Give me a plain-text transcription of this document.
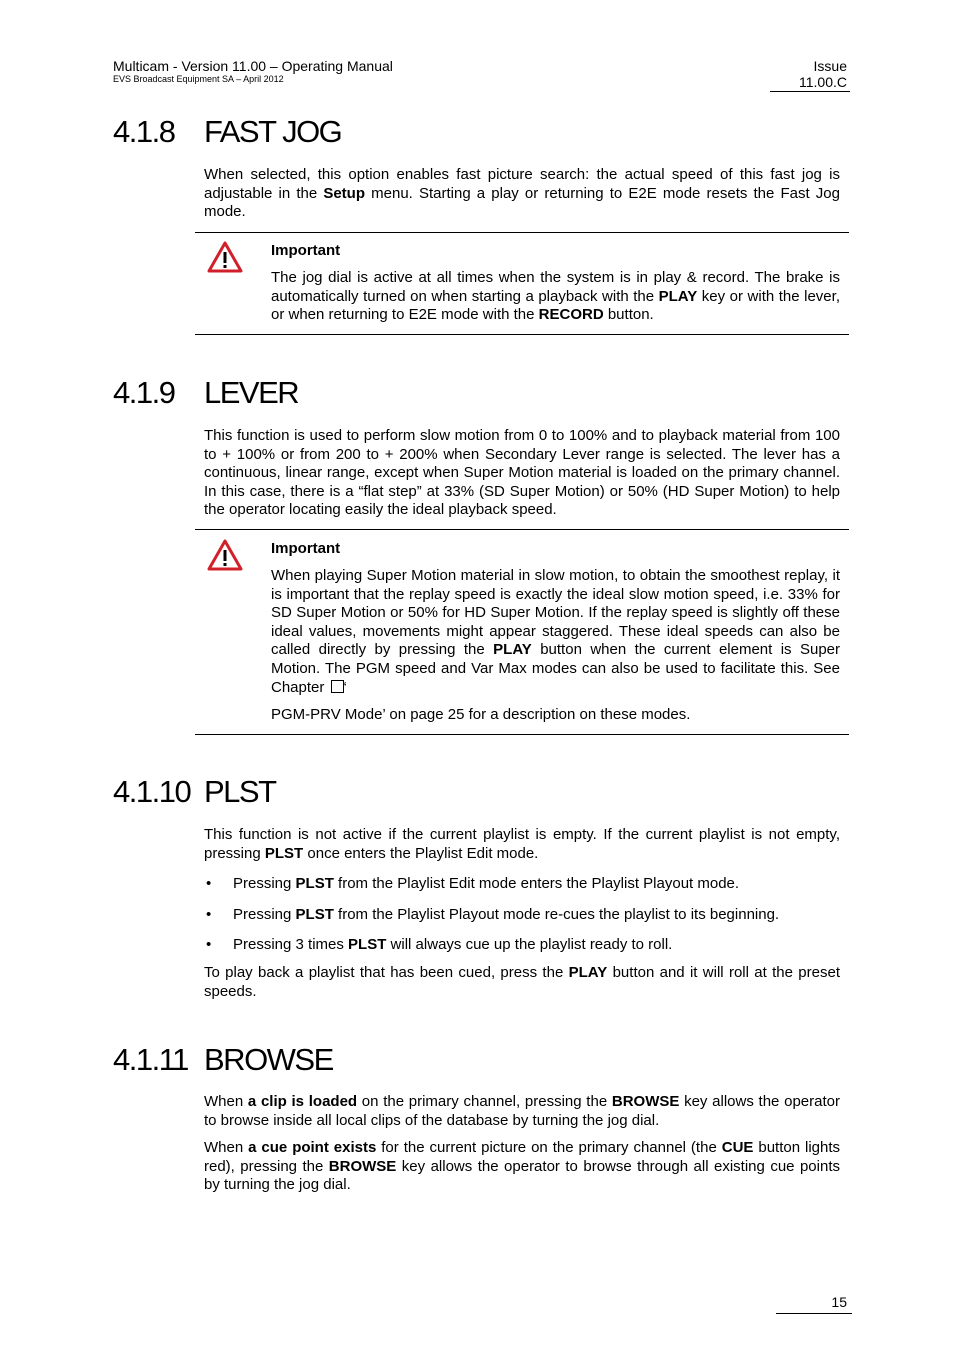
Multicam - Version 11.00 – Operating Manual
EVS Broadcast Equipment SA – April 2012
Issue
11.00.C
4.1.8 FAST JOG
When selected, this option enables fast picture search: the actual speed of this fast jog is adjustable in the Setup menu. Starting a play or returning to E2E mode resets the Fast Jog mode.
Important
The jog dial is active at all times when the system is in play & record. The brake is automatically turned on when starting a playback with the PLAY key or with the lever, or when returning to E2E mode with the RECORD button.
4.1.9 LEVER
This function is used to perform slow motion from 0 to 100% and to playback material from 100 to + 100% or from 200 to + 200% when Secondary Lever range is selected. The lever has a continuous, linear range, except when Super Motion material is loaded on the primary channel. In this case, there is a “flat step” at 33% (SD Super Motion) or 50% (HD Super Motion) to help the operator locating easily the ideal playback speed.
Important
When playing Super Motion material in slow motion, to obtain the smoothest replay, it is important that the replay speed is exactly the ideal slow motion speed, i.e. 33% for SD Super Motion or 50% for HD Super Motion. If the replay speed is slightly off these ideal values, movements might appear staggered. These ideal speeds can also be called directly by pressing the PLAY button when the current element is Super Motion. The PGM speed and Var Max modes can also be used to facilitate this. See Chapter ‘
PGM-PRV Mode’ on page 25 for a description on these modes.
4.1.10 PLST
This function is not active if the current playlist is empty. If the current playlist is not empty, pressing PLST once enters the Playlist Edit mode.
• Pressing PLST from the Playlist Edit mode enters the Playlist Playout mode.
• Pressing PLST from the Playlist Playout mode re-cues the playlist to its beginning.
• Pressing 3 times PLST will always cue up the playlist ready to roll.
To play back a playlist that has been cued, press the PLAY button and it will roll at the preset speeds.
4.1.11 BROWSE
When a clip is loaded on the primary channel, pressing the BROWSE key allows the operator to browse inside all local clips of the database by turning the jog dial.
When a cue point exists for the current picture on the primary channel (the CUE button lights red), pressing the BROWSE key allows the operator to browse through all existing cue points by turning the jog dial.
15
